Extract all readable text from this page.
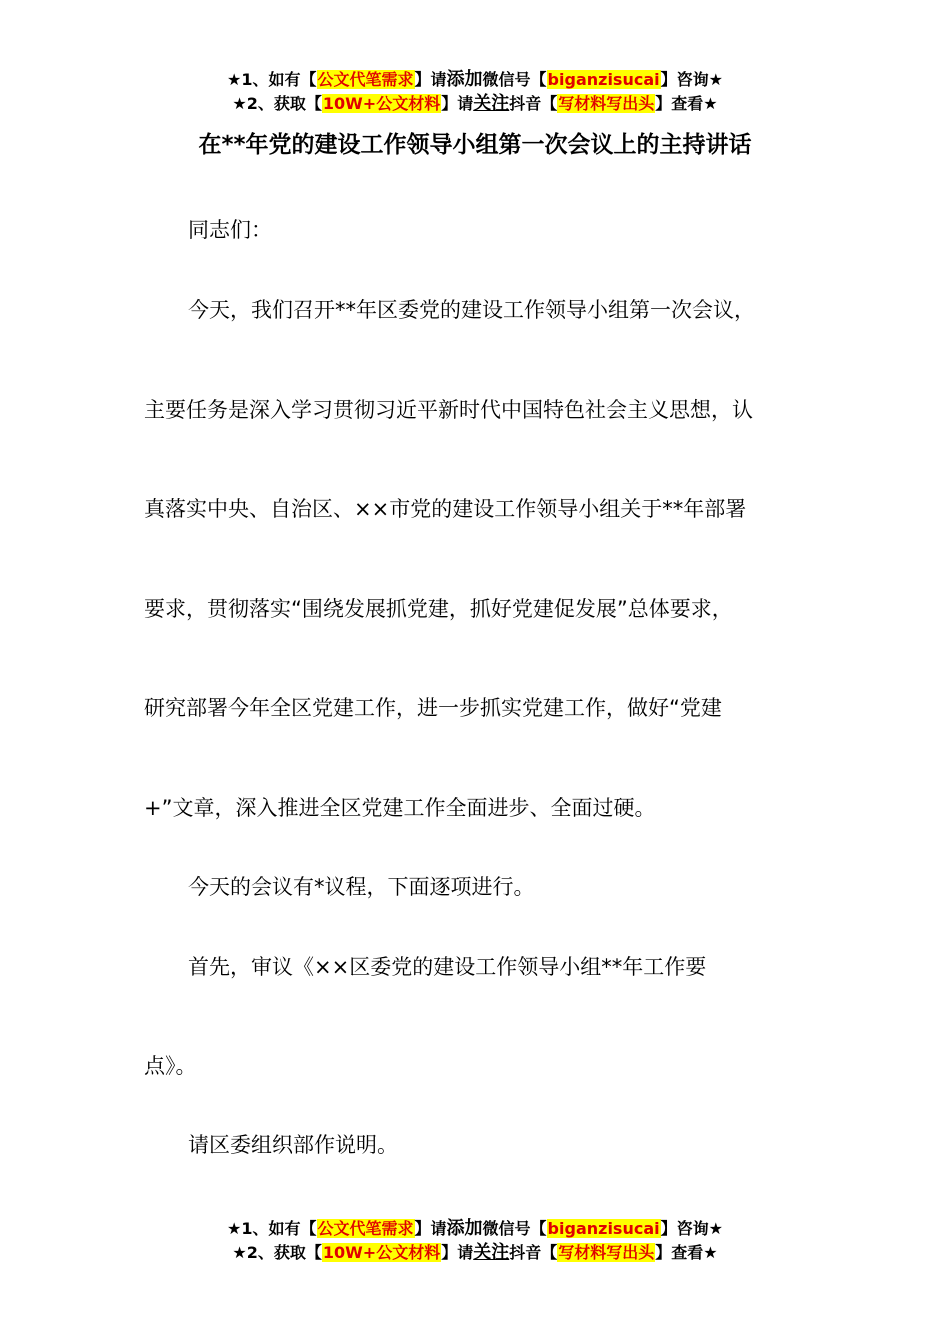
★1、如有【公文代笔需求】请添加微信号【biganzisucai】咨询★
★2、获取【10W+公文材料】请关注抖音【写材料写出头】查看★
在**年党的建设工作领导小组第一次会议上的主持讲话
同志们：
今天，我们召开**年区委党的建设工作领导小组第一次会议，
主要任务是深入学习贯彻习近平新时代中国特色社会主义思想，认
真落实中央、自治区、××市党的建设工作领导小组关于**年部署
要求，贯彻落实“围绕发展抓党建，抓好党建促发展”总体要求，
研究部署今年全区党建工作，进一步抓实党建工作，做好“党建
+”文章，深入推进全区党建工作全面进步、全面过硬。
今天的会议有*议程，下面逐项进行。
首先，审议《××区委党的建设工作领导小组**年工作要
点》。
请区委组织部作说明。
★1、如有【公文代笔需求】请添加微信号【biganzisucai】咨询★
★2、获取【10W+公文材料】请关注抖音【写材料写出头】查看★
